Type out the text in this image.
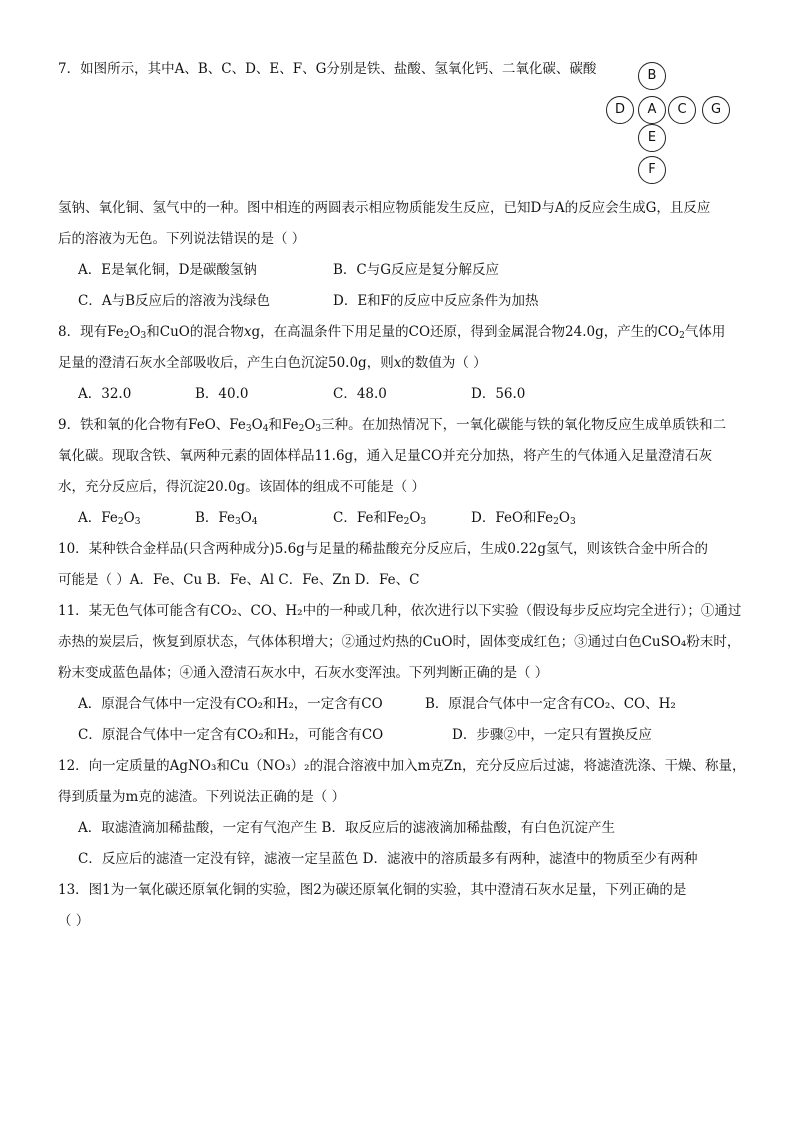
7．如图所示，其中A、B、C、D、E、F、G分别是铁、盐酸、氢氧化钙、二氧化碳、碳酸	B
D	A	C	G
E
F
氢钠、氧化铜、氢气中的一种。图中相连的两圆表示相应物质能发生反应，已知D与A的反应会生成G，且反应
后的溶液为无色。下列说法错误的是（ ）
A．E是氧化铜，D是碳酸氢钠	B．C与G反应是复分解反应
C．A与B反应后的溶液为浅绿色	D．E和F的反应中反应条件为加热
8．现有$Fe_2O_3$和CuO的混合物xg，在高温条件下用足量的CO还原，得到金属混合物24.0g，产生的$CO_2$气体用
足量的澄清石灰水全部吸收后，产生白色沉淀50.0g，则x的数值为（ ）
A．32.0	B．40.0	C．48.0	D．56.0
9．铁和氧的化合物有FeO、$Fe_3O_4$和$Fe_2O_3$三种。在加热情况下，一氧化碳能与铁的氧化物反应生成单质铁和二
氧化碳。现取含铁、氧两种元素的固体样品11.6g，通入足量CO并充分加热，将产生的气体通入足量澄清石灰
水，充分反应后，得沉淀20.0g。该固体的组成不可能是（ ）
A．$Fe_2O_3$	B．$Fe_3O_4$	C．Fe和$Fe_2O_3$	D．FeO和$Fe_2O_3$
10．某种铁合金样品(只含两种成分)5.6g与足量的稀盐酸充分反应后，生成0.22g氢气，则该铁合金中所合的
可能是（ ）A．Fe、Cu B．Fe、Al C．Fe、Zn D．Fe、C
11．某无色气体可能含有CO₂、CO、H₂中的一种或几种，依次进行以下实验（假设每步反应均完全进行）；①通过
赤热的炭层后，恢复到原状态，气体体积增大；②通过灼热的CuO时，固体变成红色；③通过白色CuSO₄粉末时，
粉末变成蓝色晶体；④通入澄清石灰水中，石灰水变浑浊。下列判断正确的是（ ）
A．原混合气体中一定没有CO₂和H₂，一定含有CO	B．原混合气体中一定含有CO₂、CO、H₂
C．原混合气体中一定含有CO₂和H₂，可能含有CO	D．步骤②中，一定只有置换反应
12．向一定质量的AgNO₃和Cu（NO₃）₂的混合溶液中加入m克Zn，充分反应后过滤，将滤渣洗涤、干燥、称量，
得到质量为m克的滤渣。下列说法正确的是（ ）
A．取滤渣滴加稀盐酸，一定有气泡产生 B．取反应后的滤液滴加稀盐酸，有白色沉淀产生
C．反应后的滤渣一定没有锌，滤液一定呈蓝色 D．滤液中的溶质最多有两种，滤渣中的物质至少有两种
13．图1为一氧化碳还原氧化铜的实验，图2为碳还原氧化铜的实验，其中澄清石灰水足量，下列正确的是
（ ）
